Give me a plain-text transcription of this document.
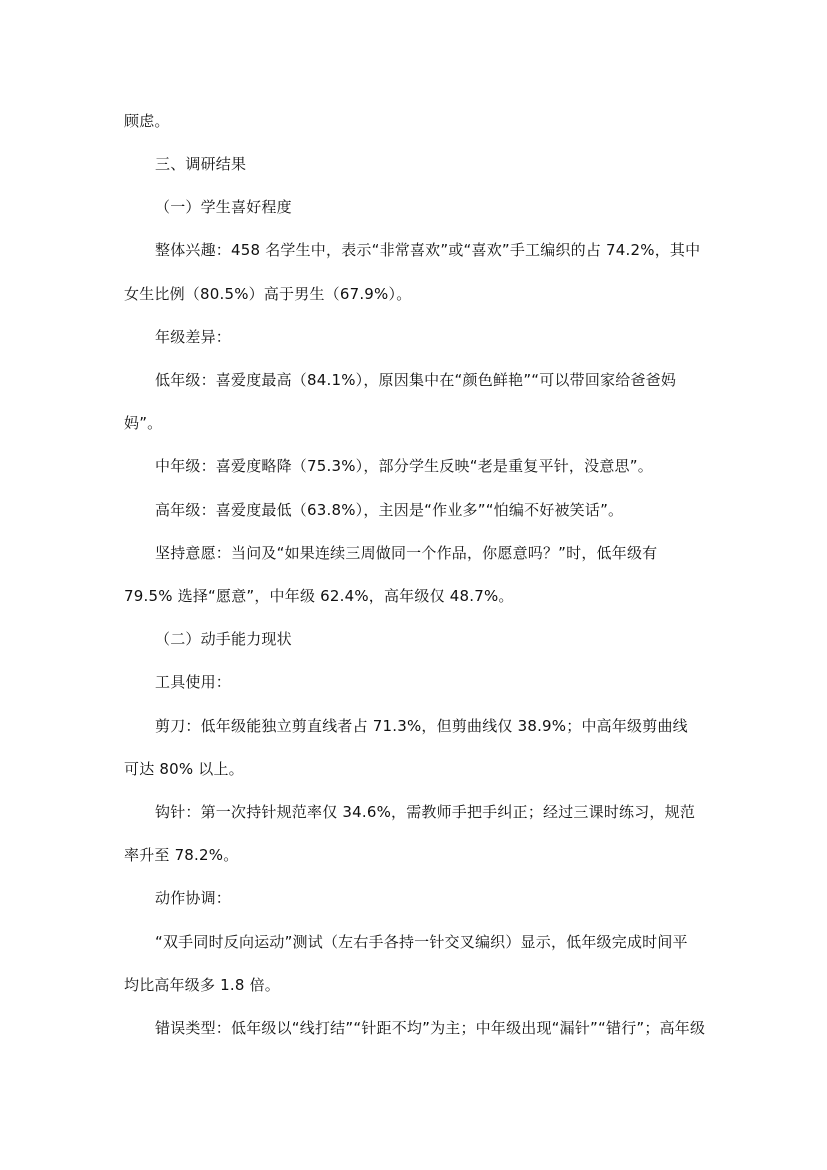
顾虑。
三、调研结果
（一）学生喜好程度
整体兴趣：458 名学生中，表示“非常喜欢”或“喜欢”手工编织的占 74.2%，其中
女生比例（80.5%）高于男生（67.9%）。
年级差异：
低年级：喜爱度最高（84.1%），原因集中在“颜色鲜艳”“可以带回家给爸爸妈
妈”。
中年级：喜爱度略降（75.3%），部分学生反映“老是重复平针，没意思”。
高年级：喜爱度最低（63.8%），主因是“作业多”“怕编不好被笑话”。
坚持意愿：当问及“如果连续三周做同一个作品，你愿意吗？”时，低年级有
79.5% 选择“愿意”，中年级 62.4%，高年级仅 48.7%。
（二）动手能力现状
工具使用：
剪刀：低年级能独立剪直线者占 71.3%，但剪曲线仅 38.9%；中高年级剪曲线
可达 80% 以上。
钩针：第一次持针规范率仅 34.6%，需教师手把手纠正；经过三课时练习，规范
率升至 78.2%。
动作协调：
“双手同时反向运动”测试（左右手各持一针交叉编织）显示，低年级完成时间平
均比高年级多 1.8 倍。
错误类型：低年级以“线打结”“针距不均”为主；中年级出现“漏针”“错行”；高年级
